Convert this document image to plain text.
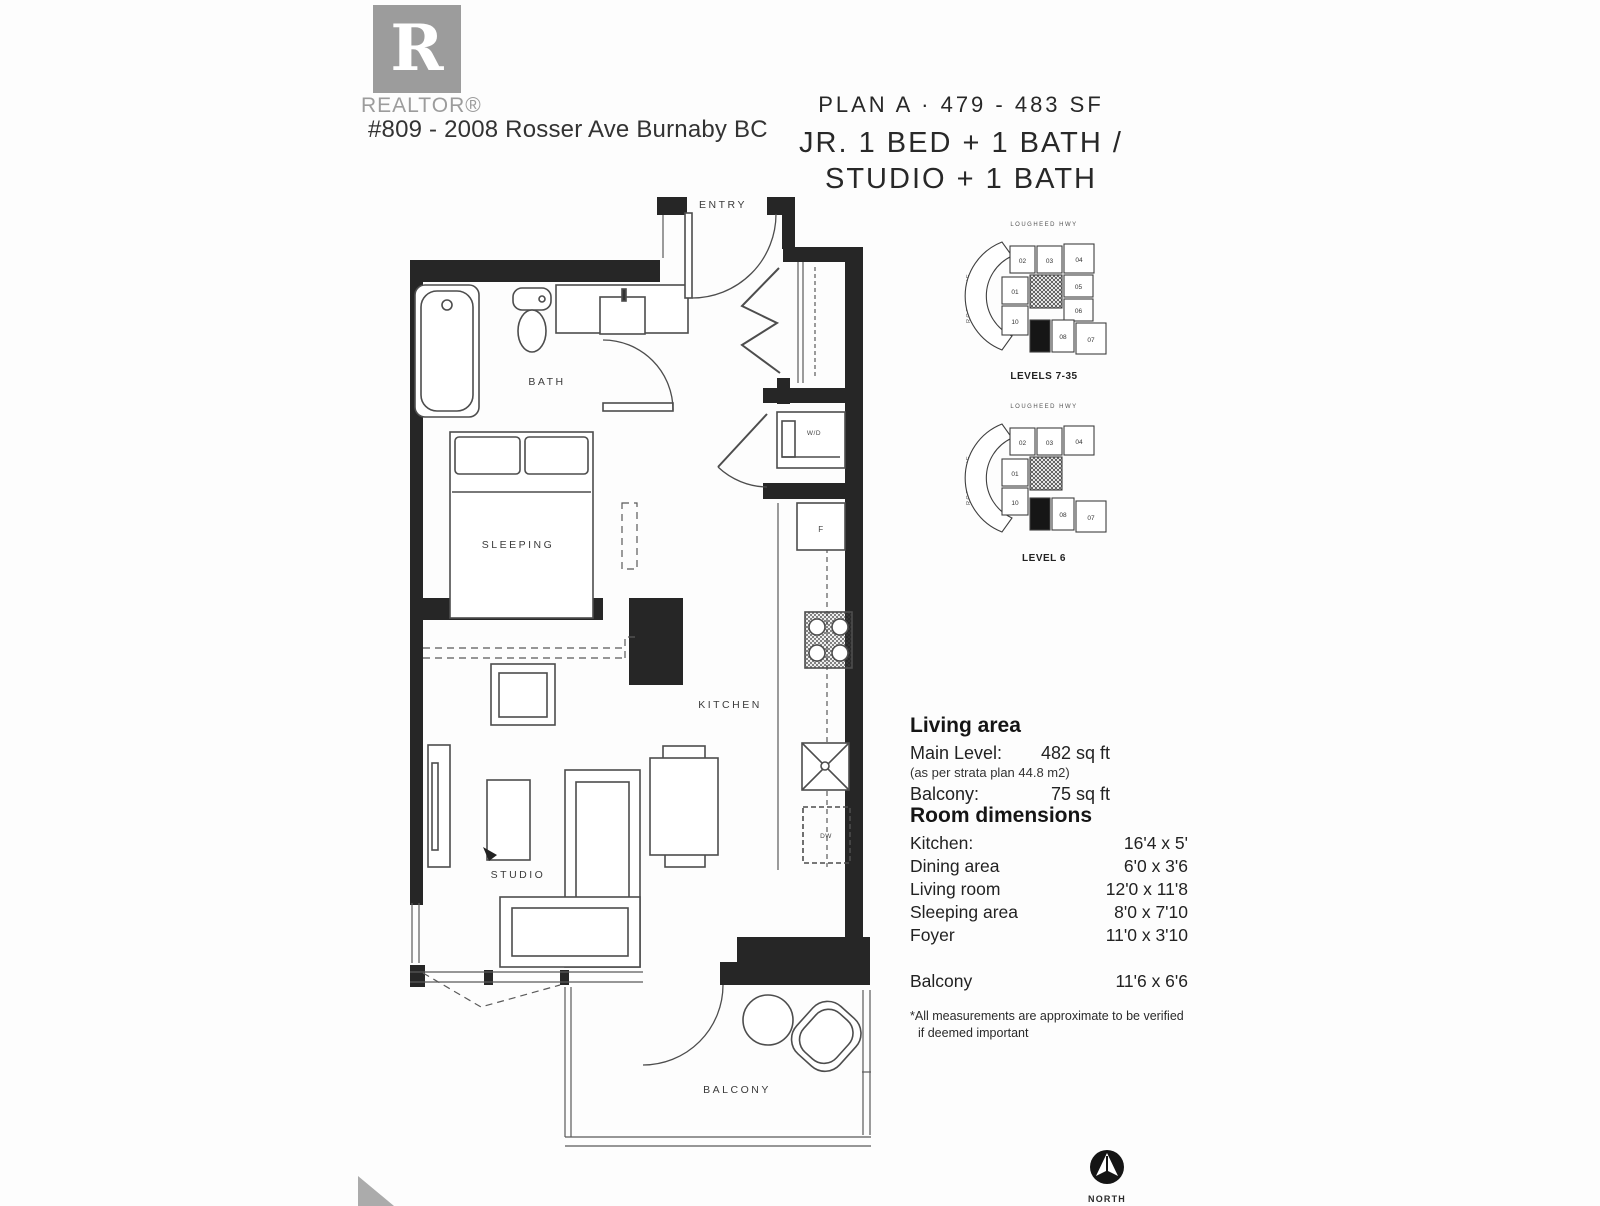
R
REALTOR®
#809 - 2008 Rosser Ave Burnaby BC
PLAN A · 479 - 483 SF
JR. 1 BED + 1 BATH /
STUDIO + 1 BATH
LOUGHEED HWY
02	03	04
01
05
06
10
08	07
LEVELS 7-35
LOUGHEED HWY
02	03	04
01
10
08	07
LEVEL 6
ENTRY
BATH
SLEEPING
KITCHEN
STUDIO
BALCONY
W/D
F
DW
Living area
Main Level:	482 sq ft
(as per strata plan 44.8 m2)
Balcony:	75 sq ft
Room dimensions
Kitchen:	16'4 x 5'
Dining area	6'0 x 3'6
Living room	12'0 x 11'8
Sleeping area	8'0 x 7'10
Foyer	11'0 x 3'10
Balcony	11'6 x 6'6
*All measurements are approximate to be verified
if deemed important
NORTH
